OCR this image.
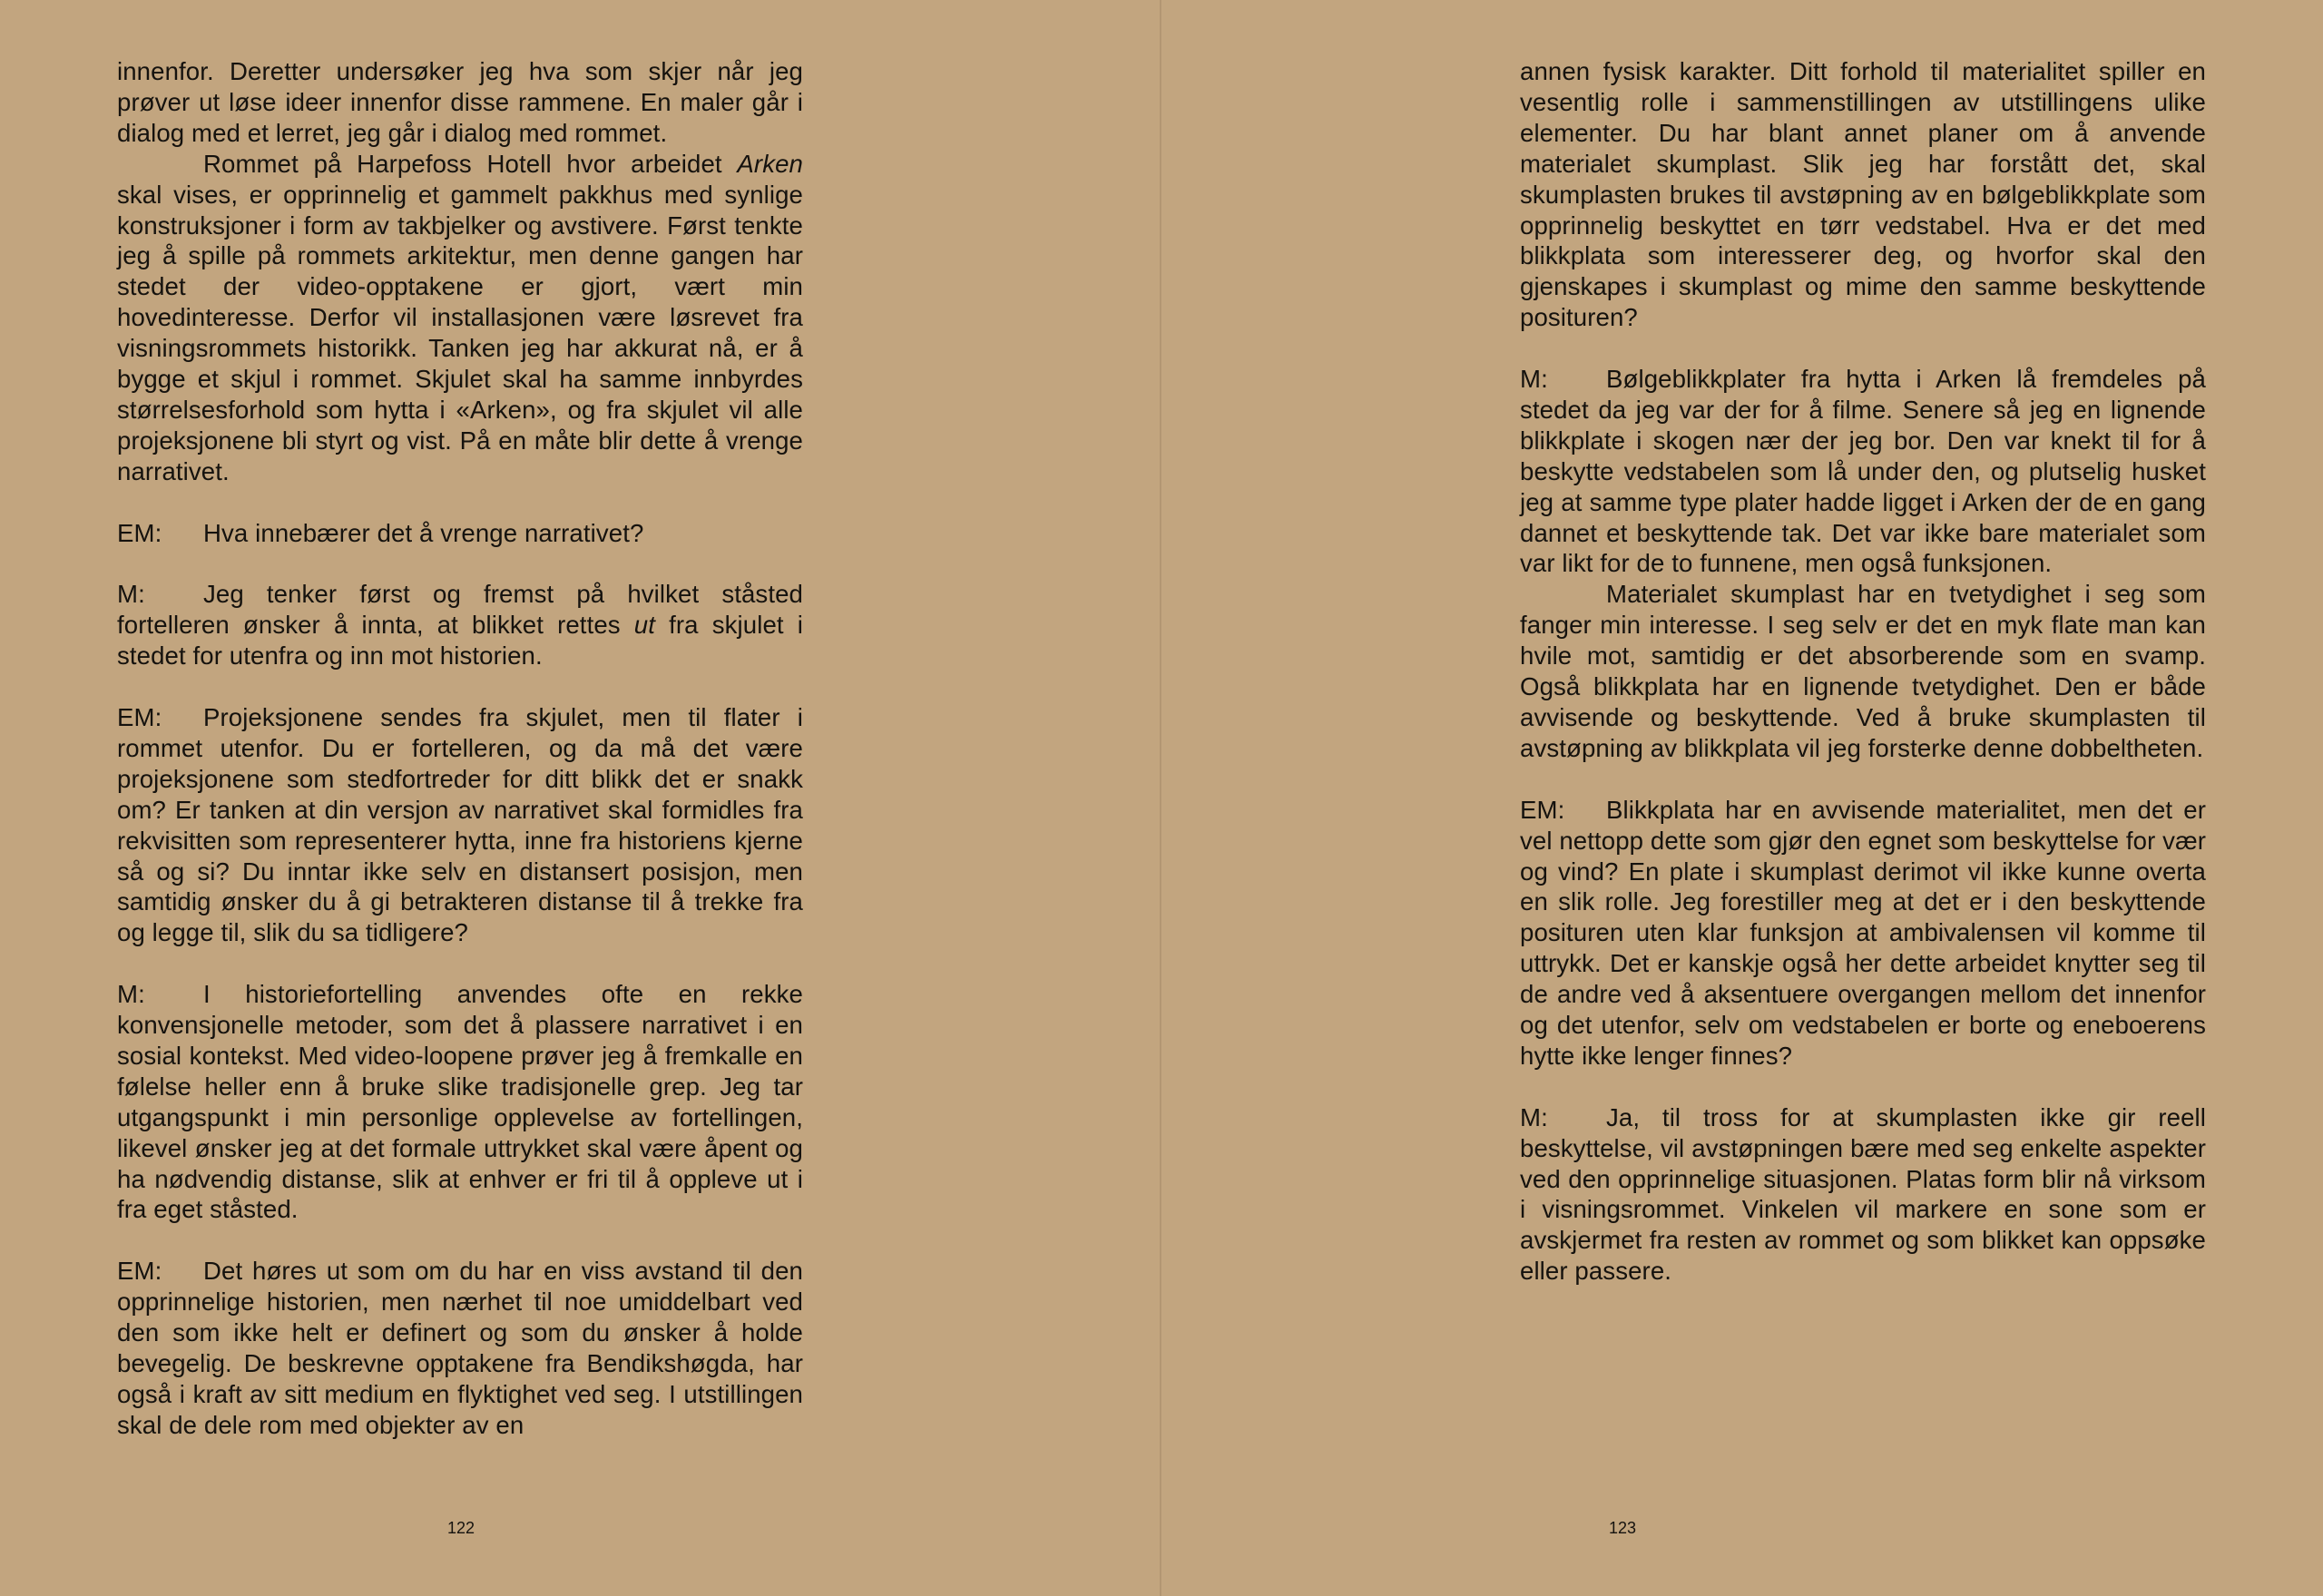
innenfor. Deretter undersøker jeg hva som skjer når jeg prøver ut løse ideer innenfor disse rammene. En maler går i dialog med et lerret, jeg går i dialog med rommet.

Rommet på Harpefoss Hotell hvor arbeidet Arken skal vises, er opprinnelig et gammelt pakkhus med synlige konstruksjoner i form av takbjelker og avstivere. Først tenkte jeg å spille på rommets arkitektur, men denne gangen har stedet der video-opptakene er gjort, vært min hovedinteresse. Derfor vil installasjonen være løsrevet fra visningsrommets historikk. Tanken jeg har akkurat nå, er å bygge et skjul i rommet. Skjulet skal ha samme innbyrdes størrelsesforhold som hytta i «Arken», og fra skjulet vil alle projeksjonene bli styrt og vist. På en måte blir dette å vrenge narrativet.

EM: Hva innebærer det å vrenge narrativet?

M: Jeg tenker først og fremst på hvilket ståsted fortelleren ønsker å innta, at blikket rettes ut fra skjulet i stedet for utenfra og inn mot historien.

EM: Projeksjonene sendes fra skjulet, men til flater i rommet utenfor. Du er fortelleren, og da må det være projeksjonene som stedfortreder for ditt blikk det er snakk om? Er tanken at din versjon av narrativet skal formidles fra rekvisitten som representerer hytta, inne fra historiens kjerne så og si? Du inntar ikke selv en distansert posisjon, men samtidig ønsker du å gi betrakteren distanse til å trekke fra og legge til, slik du sa tidligere?

M: I historiefortelling anvendes ofte en rekke konvensjonelle metoder, som det å plassere narrativet i en sosial kontekst. Med video-loopene prøver jeg å fremkalle en følelse heller enn å bruke slike tradisjonelle grep. Jeg tar utgangspunkt i min personlige opplevelse av fortellingen, likevel ønsker jeg at det formale uttrykket skal være åpent og ha nødvendig distanse, slik at enhver er fri til å oppleve ut i fra eget ståsted.

EM: Det høres ut som om du har en viss avstand til den opprinnelige historien, men nærhet til noe umiddelbart ved den som ikke helt er definert og som du ønsker å holde bevegelig. De beskrevne opptakene fra Bendikshøgda, har også i kraft av sitt medium en flyktighet ved seg. I utstillingen skal de dele rom med objekter av en

122

annen fysisk karakter. Ditt forhold til materialitet spiller en vesentlig rolle i sammenstillingen av utstillingens ulike elementer. Du har blant annet planer om å anvende materialet skumplast. Slik jeg har forstått det, skal skumplasten brukes til avstøpning av en bølgeblikkplate som opprinnelig beskyttet en tørr vedstabel. Hva er det med blikkplata som interesserer deg, og hvorfor skal den gjenskapes i skumplast og mime den samme beskyttende posituren?

M: Bølgeblikkplater fra hytta i Arken lå fremdeles på stedet da jeg var der for å filme. Senere så jeg en lignende blikkplate i skogen nær der jeg bor. Den var knekt til for å beskytte vedstabelen som lå under den, og plutselig husket jeg at samme type plater hadde ligget i Arken der de en gang dannet et beskyttende tak. Det var ikke bare materialet som var likt for de to funnene, men også funksjonen.

Materialet skumplast har en tvetydighet i seg som fanger min interesse. I seg selv er det en myk flate man kan hvile mot, samtidig er det absorberende som en svamp. Også blikkplata har en lignende tvetydighet. Den er både avvisende og beskyttende. Ved å bruke skumplasten til avstøpning av blikkplata vil jeg forsterke denne dobbeltheten.

EM: Blikkplata har en avvisende materialitet, men det er vel nettopp dette som gjør den egnet som beskyttelse for vær og vind? En plate i skumplast derimot vil ikke kunne overta en slik rolle. Jeg forestiller meg at det er i den beskyttende posituren uten klar funksjon at ambivalensen vil komme til uttrykk. Det er kanskje også her dette arbeidet knytter seg til de andre ved å aksentuere overgangen mellom det innenfor og det utenfor, selv om vedstabelen er borte og eneboerens hytte ikke lenger finnes?

M: Ja, til tross for at skumplasten ikke gir reell beskyttelse, vil avstøpningen bære med seg enkelte aspekter ved den opprinnelige situasjonen. Platas form blir nå virksom i visningsrommet. Vinkelen vil markere en sone som er avskjermet fra resten av rommet og som blikket kan oppsøke eller passere.

123
